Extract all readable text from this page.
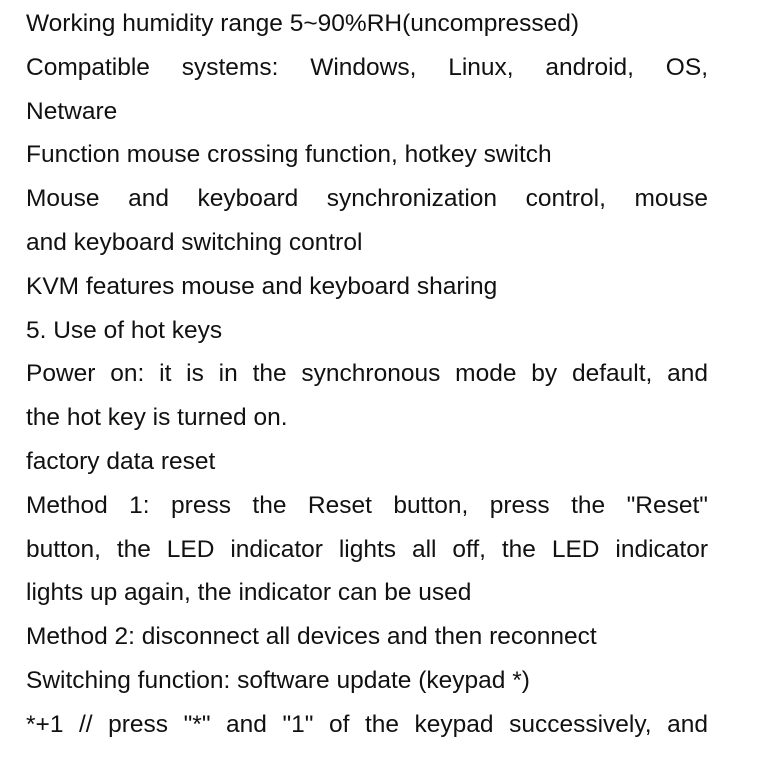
Working humidity range 5~90%RH(uncompressed)
Compatible systems: Windows, Linux, android, OS,
Netware
Function mouse crossing function, hotkey switch
Mouse and keyboard synchronization control, mouse
and keyboard switching control
KVM features mouse and keyboard sharing
5. Use of hot keys
Power on: it is in the synchronous mode by default, and
the hot key is turned on.
factory data reset
Method 1: press the Reset button, press the "Reset"
button, the LED indicator lights all off, the LED indicator
lights up again, the indicator can be used
Method 2: disconnect all devices and then reconnect
Switching function: software update (keypad *)
*+1 // press "*" and "1" of the keypad successively, and
